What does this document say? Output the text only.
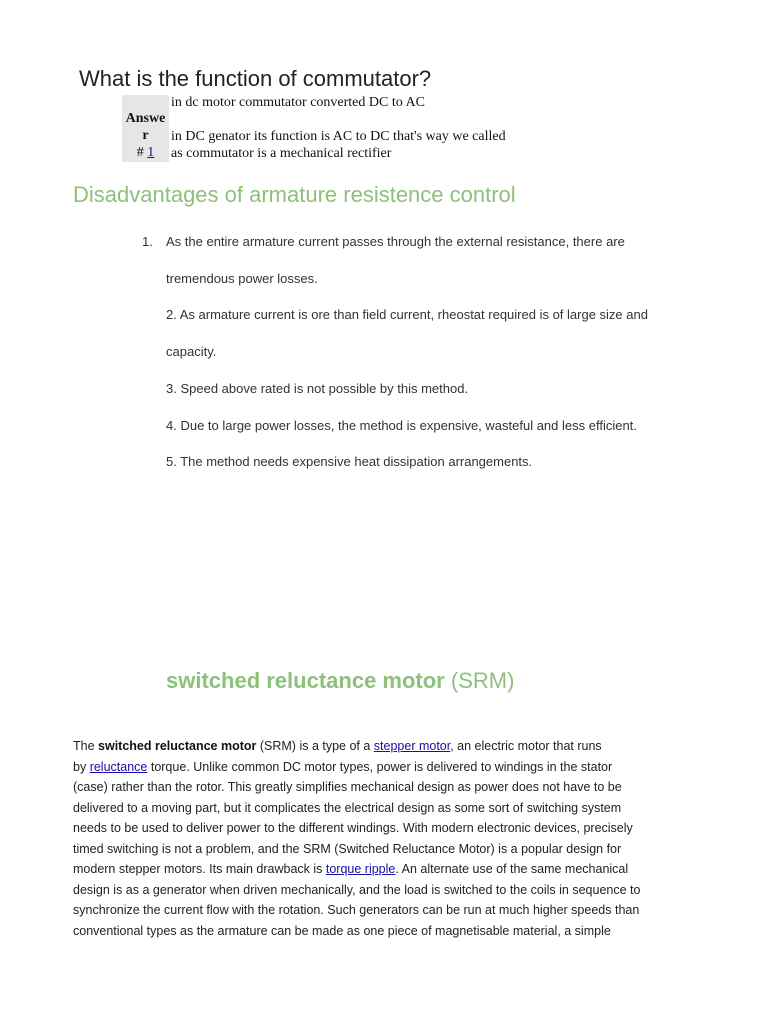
What is the function of commutator?
Answe
r
# 1
in dc motor commutator converted DC to AC
in DC genator its function is AC to DC that's way we called
as commutator is a mechanical rectifier
Disadvantages of armature resistence control
1. As the entire armature current passes through the external resistance, there are
tremendous power losses.
2. As armature current is ore than field current, rheostat required is of large size and
capacity.
3. Speed above rated is not possible by this method.
4. Due to large power losses, the method is expensive, wasteful and less efficient.
5. The method needs expensive heat dissipation arrangements.
switched reluctance motor (SRM)
The switched reluctance motor (SRM) is a type of a stepper motor, an electric motor that runs
by reluctance torque. Unlike common DC motor types, power is delivered to windings in the stator
(case) rather than the rotor. This greatly simplifies mechanical design as power does not have to be
delivered to a moving part, but it complicates the electrical design as some sort of switching system
needs to be used to deliver power to the different windings. With modern electronic devices, precisely
timed switching is not a problem, and the SRM (Switched Reluctance Motor) is a popular design for
modern stepper motors. Its main drawback is torque ripple. An alternate use of the same mechanical
design is as a generator when driven mechanically, and the load is switched to the coils in sequence to
synchronize the current flow with the rotation. Such generators can be run at much higher speeds than
conventional types as the armature can be made as one piece of magnetisable material, a simple
